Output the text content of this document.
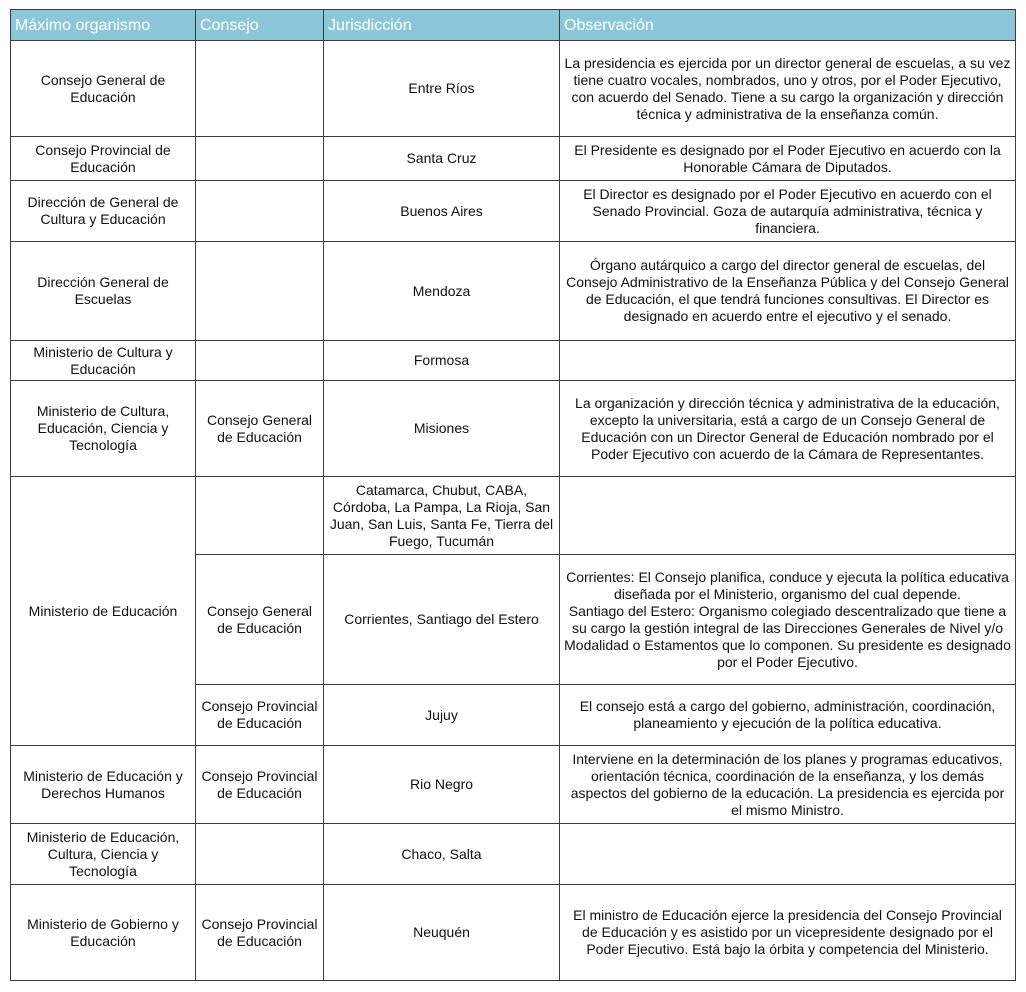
Máximo organismo	Consejo	Jurisdicción	Observación
Consejo General de Educación		Entre Ríos	La presidencia es ejercida por un director general de escuelas, a su vez tiene cuatro vocales, nombrados, uno y otros, por el Poder Ejecutivo, con acuerdo del Senado. Tiene a su cargo la organización y dirección técnica y administrativa de la enseñanza común.
Consejo Provincial de Educación		Santa Cruz	El Presidente es designado por el Poder Ejecutivo en acuerdo con la Honorable Cámara de Diputados.
Dirección de General de Cultura y Educación		Buenos Aires	El Director es designado por el Poder Ejecutivo en acuerdo con el Senado Provincial. Goza de autarquía administrativa, técnica y financiera.
Dirección General de Escuelas		Mendoza	Órgano autárquico a cargo del director general de escuelas, del Consejo Administrativo de la Enseñanza Pública y del Consejo General de Educación, el que tendrá funciones consultivas. El Director es designado en acuerdo entre el ejecutivo y el senado.
Ministerio de Cultura y Educación		Formosa	
Ministerio de Cultura, Educación, Ciencia y Tecnología	Consejo General de Educación	Misiones	La organización y dirección técnica y administrativa de la educación, excepto la universitaria, está a cargo de un Consejo General de Educación con un Director General de Educación nombrado por el Poder Ejecutivo con acuerdo de la Cámara de Representantes.
Ministerio de Educación		Catamarca, Chubut, CABA, Córdoba, La Pampa, La Rioja, San Juan, San Luis, Santa Fe, Tierra del Fuego, Tucumán	
	Consejo General de Educación	Corrientes, Santiago del Estero	Corrientes: El Consejo planifica, conduce y ejecuta la política educativa diseñada por el Ministerio, organismo del cual depende.
Santiago del Estero: Organismo colegiado descentralizado que tiene a su cargo la gestión integral de las Direcciones Generales de Nivel y/o Modalidad o Estamentos que lo componen. Su presidente es designado por el Poder Ejecutivo.
	Consejo Provincial de Educación	Jujuy	El consejo está a cargo del gobierno, administración, coordinación, planeamiento y ejecución de la política educativa.
Ministerio de Educación y Derechos Humanos	Consejo Provincial de Educación	Rio Negro	Interviene en la determinación de los planes y programas educativos, orientación técnica, coordinación de la enseñanza, y los demás aspectos del gobierno de la educación. La presidencia es ejercida por el mismo Ministro.
Ministerio de Educación, Cultura, Ciencia y Tecnología		Chaco, Salta	
Ministerio de Gobierno y Educación	Consejo Provincial de Educación	Neuquén	El ministro de Educación ejerce la presidencia del Consejo Provincial de Educación y es asistido por un vicepresidente designado por el Poder Ejecutivo. Está bajo la órbita y competencia del Ministerio.
